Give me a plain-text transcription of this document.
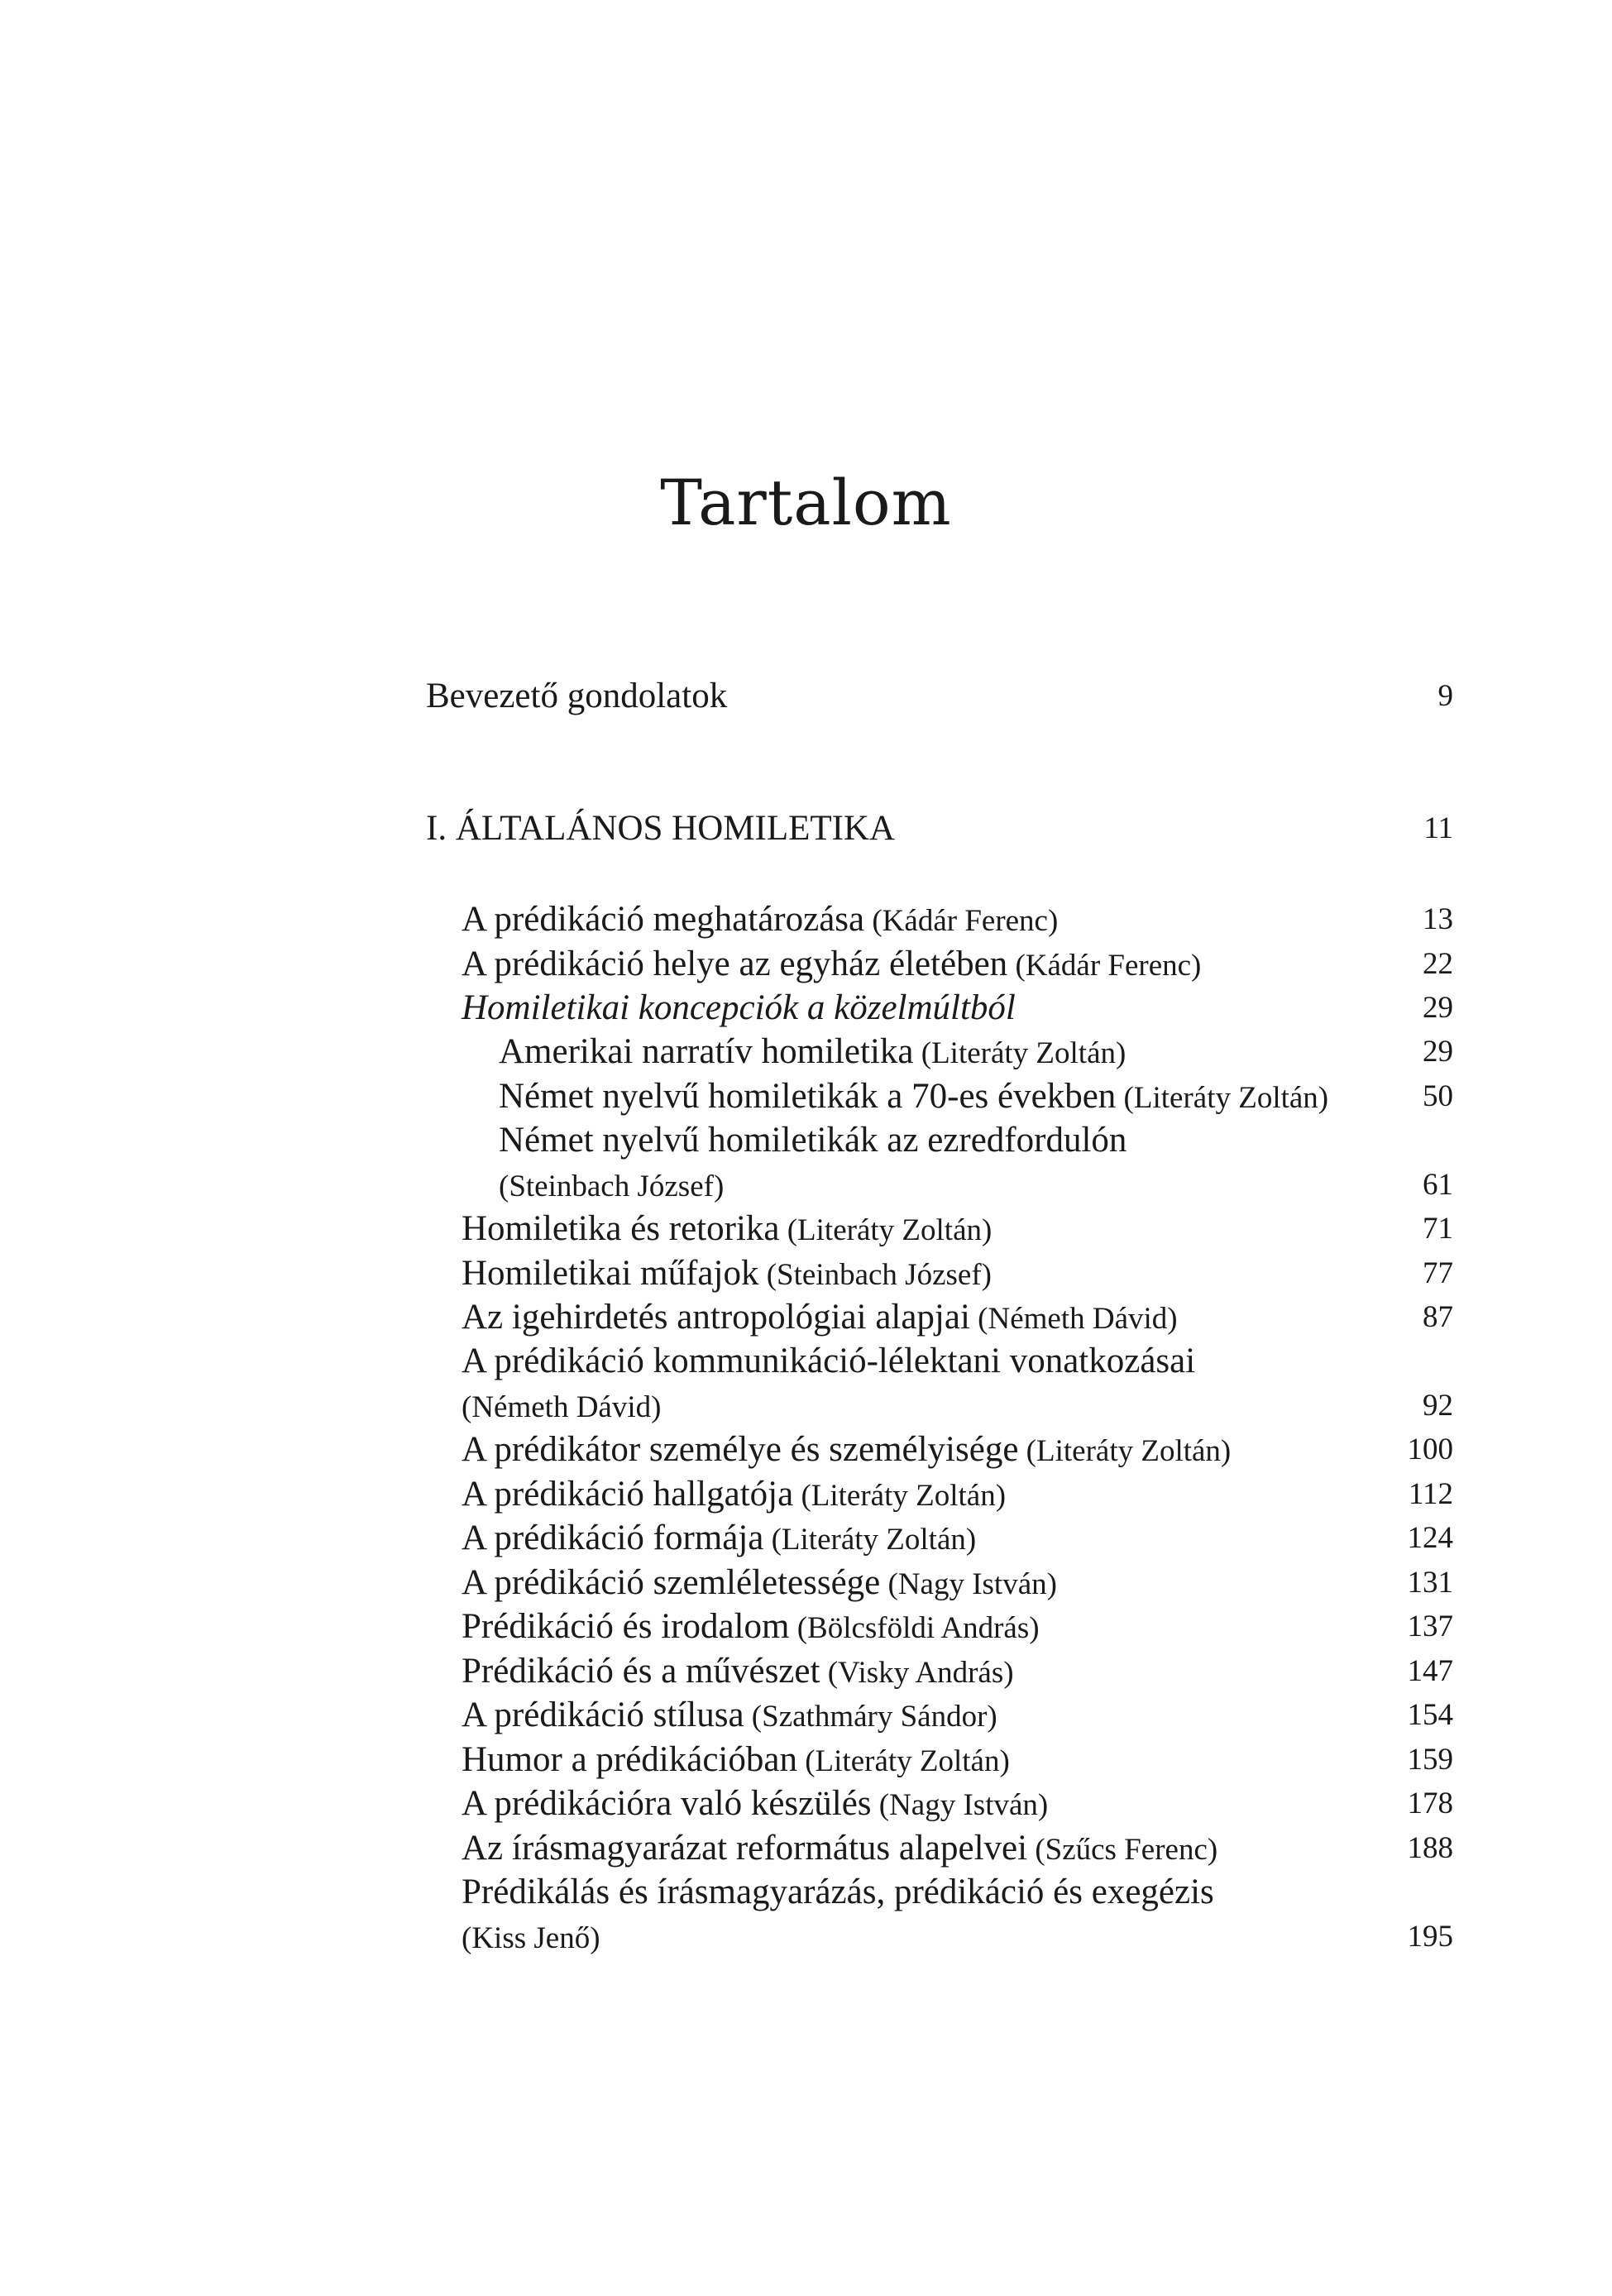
Tartalom
Bevezető gondolatok	9
I. ÁLTALÁNOS HOMILETIKA	11
A prédikáció meghatározása (Kádár Ferenc)	13
A prédikáció helye az egyház életében (Kádár Ferenc)	22
Homiletikai koncepciók a közelmúltból	29
Amerikai narratív homiletika (Literáty Zoltán)	29
Német nyelvű homiletikák a 70-es években (Literáty Zoltán)	50
Német nyelvű homiletikák az ezredfordulón
(Steinbach József)	61
Homiletika és retorika (Literáty Zoltán)	71
Homiletikai műfajok (Steinbach József)	77
Az igehirdetés antropológiai alapjai (Németh Dávid)	87
A prédikáció kommunikáció-lélektani vonatkozásai
(Németh Dávid)	92
A prédikátor személye és személyisége (Literáty Zoltán)	100
A prédikáció hallgatója (Literáty Zoltán)	112
A prédikáció formája (Literáty Zoltán)	124
A prédikáció szemléletessége (Nagy István)	131
Prédikáció és irodalom (Bölcsföldi András)	137
Prédikáció és a művészet (Visky András)	147
A prédikáció stílusa (Szathmáry Sándor)	154
Humor a prédikációban (Literáty Zoltán)	159
A prédikációra való készülés (Nagy István)	178
Az írásmagyarázat református alapelvei (Szűcs Ferenc)	188
Prédikálás és írásmagyarázás, prédikáció és exegézis
(Kiss Jenő)	195
